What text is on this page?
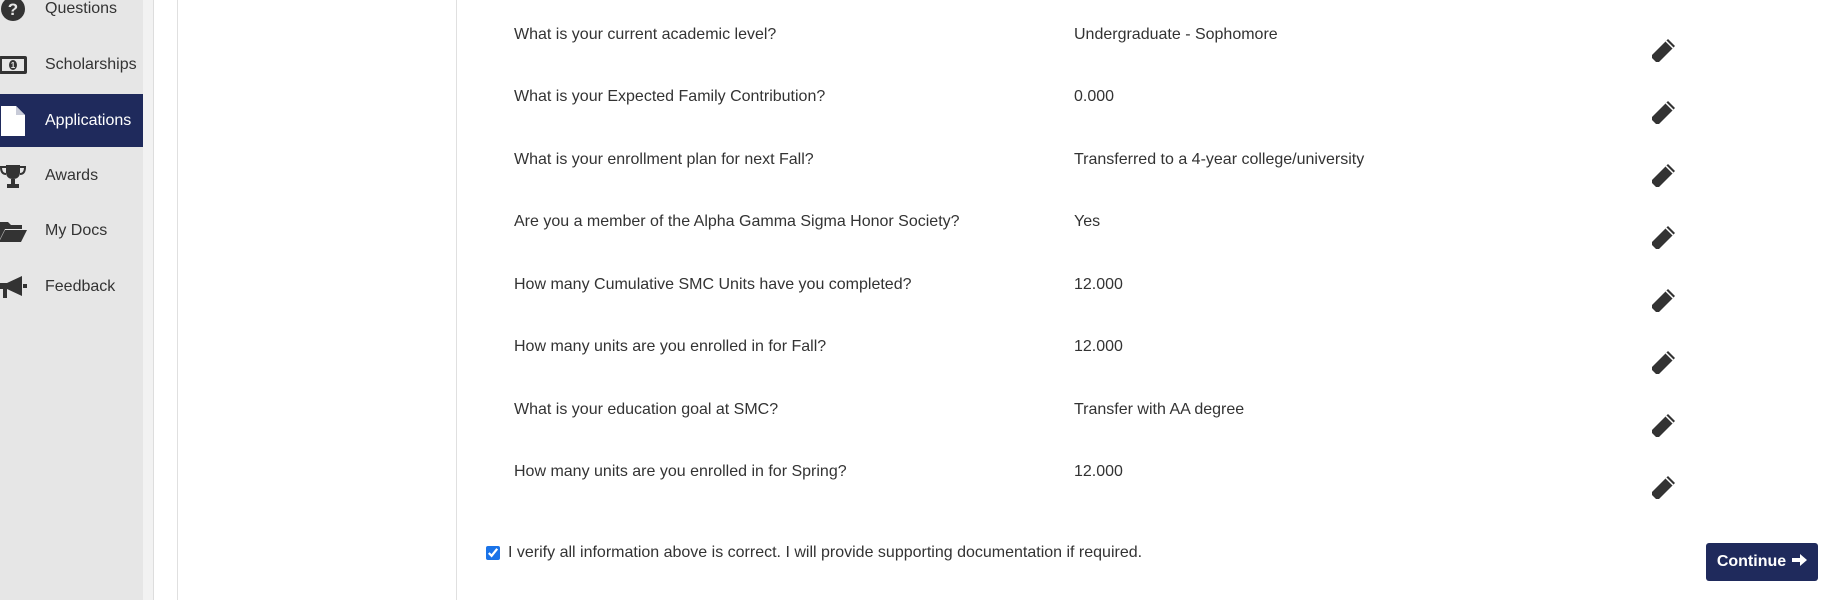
? Questions
1 Scholarships
Applications
Awards
My Docs
Feedback
What is your current academic level?	Undergraduate - Sophomore
What is your Expected Family Contribution?	0.000
What is your enrollment plan for next Fall?	Transferred to a 4-year college/university
Are you a member of the Alpha Gamma Sigma Honor Society?	Yes
How many Cumulative SMC Units have you completed?	12.000
How many units are you enrolled in for Fall?	12.000
What is your education goal at SMC?	Transfer with AA degree
How many units are you enrolled in for Spring?	12.000
I verify all information above is correct. I will provide supporting documentation if required.
Continue
